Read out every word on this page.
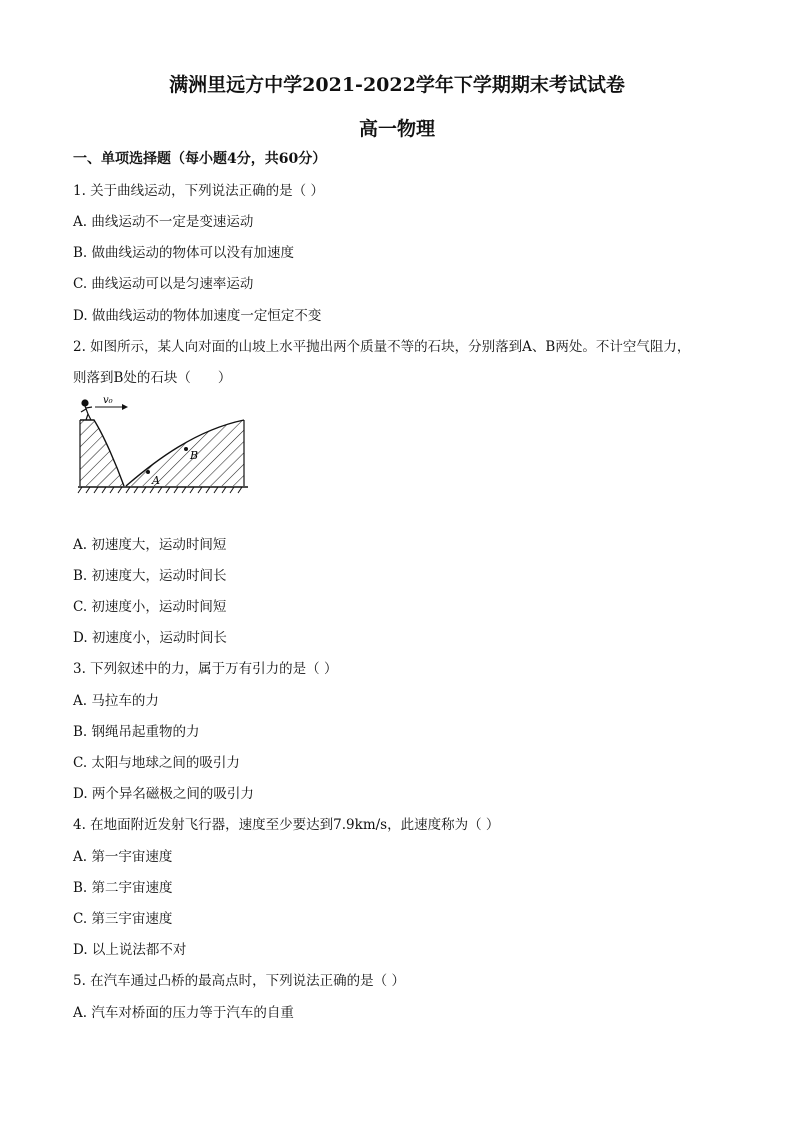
满洲里远方中学2021-2022学年下学期期末考试试卷
高一物理
一、单项选择题（每小题4分，共60分）
1. 关于曲线运动，下列说法正确的是（ ）
A. 曲线运动不一定是变速运动
B. 做曲线运动的物体可以没有加速度
C. 曲线运动可以是匀速率运动
D. 做曲线运动的物体加速度一定恒定不变
2. 如图所示，某人向对面的山坡上水平抛出两个质量不等的石块，分别落到A、B两处。不计空气阻力，
则落到B处的石块（　　）
v₀
A
B
A. 初速度大，运动时间短
B. 初速度大，运动时间长
C. 初速度小，运动时间短
D. 初速度小，运动时间长
3. 下列叙述中的力，属于万有引力的是（ ）
A. 马拉车的力
B. 钢绳吊起重物的力
C. 太阳与地球之间的吸引力
D. 两个异名磁极之间的吸引力
4. 在地面附近发射飞行器，速度至少要达到7.9km/s，此速度称为（ ）
A. 第一宇宙速度
B. 第二宇宙速度
C. 第三宇宙速度
D. 以上说法都不对
5. 在汽车通过凸桥的最高点时，下列说法正确的是（ ）
A. 汽车对桥面的压力等于汽车的自重
